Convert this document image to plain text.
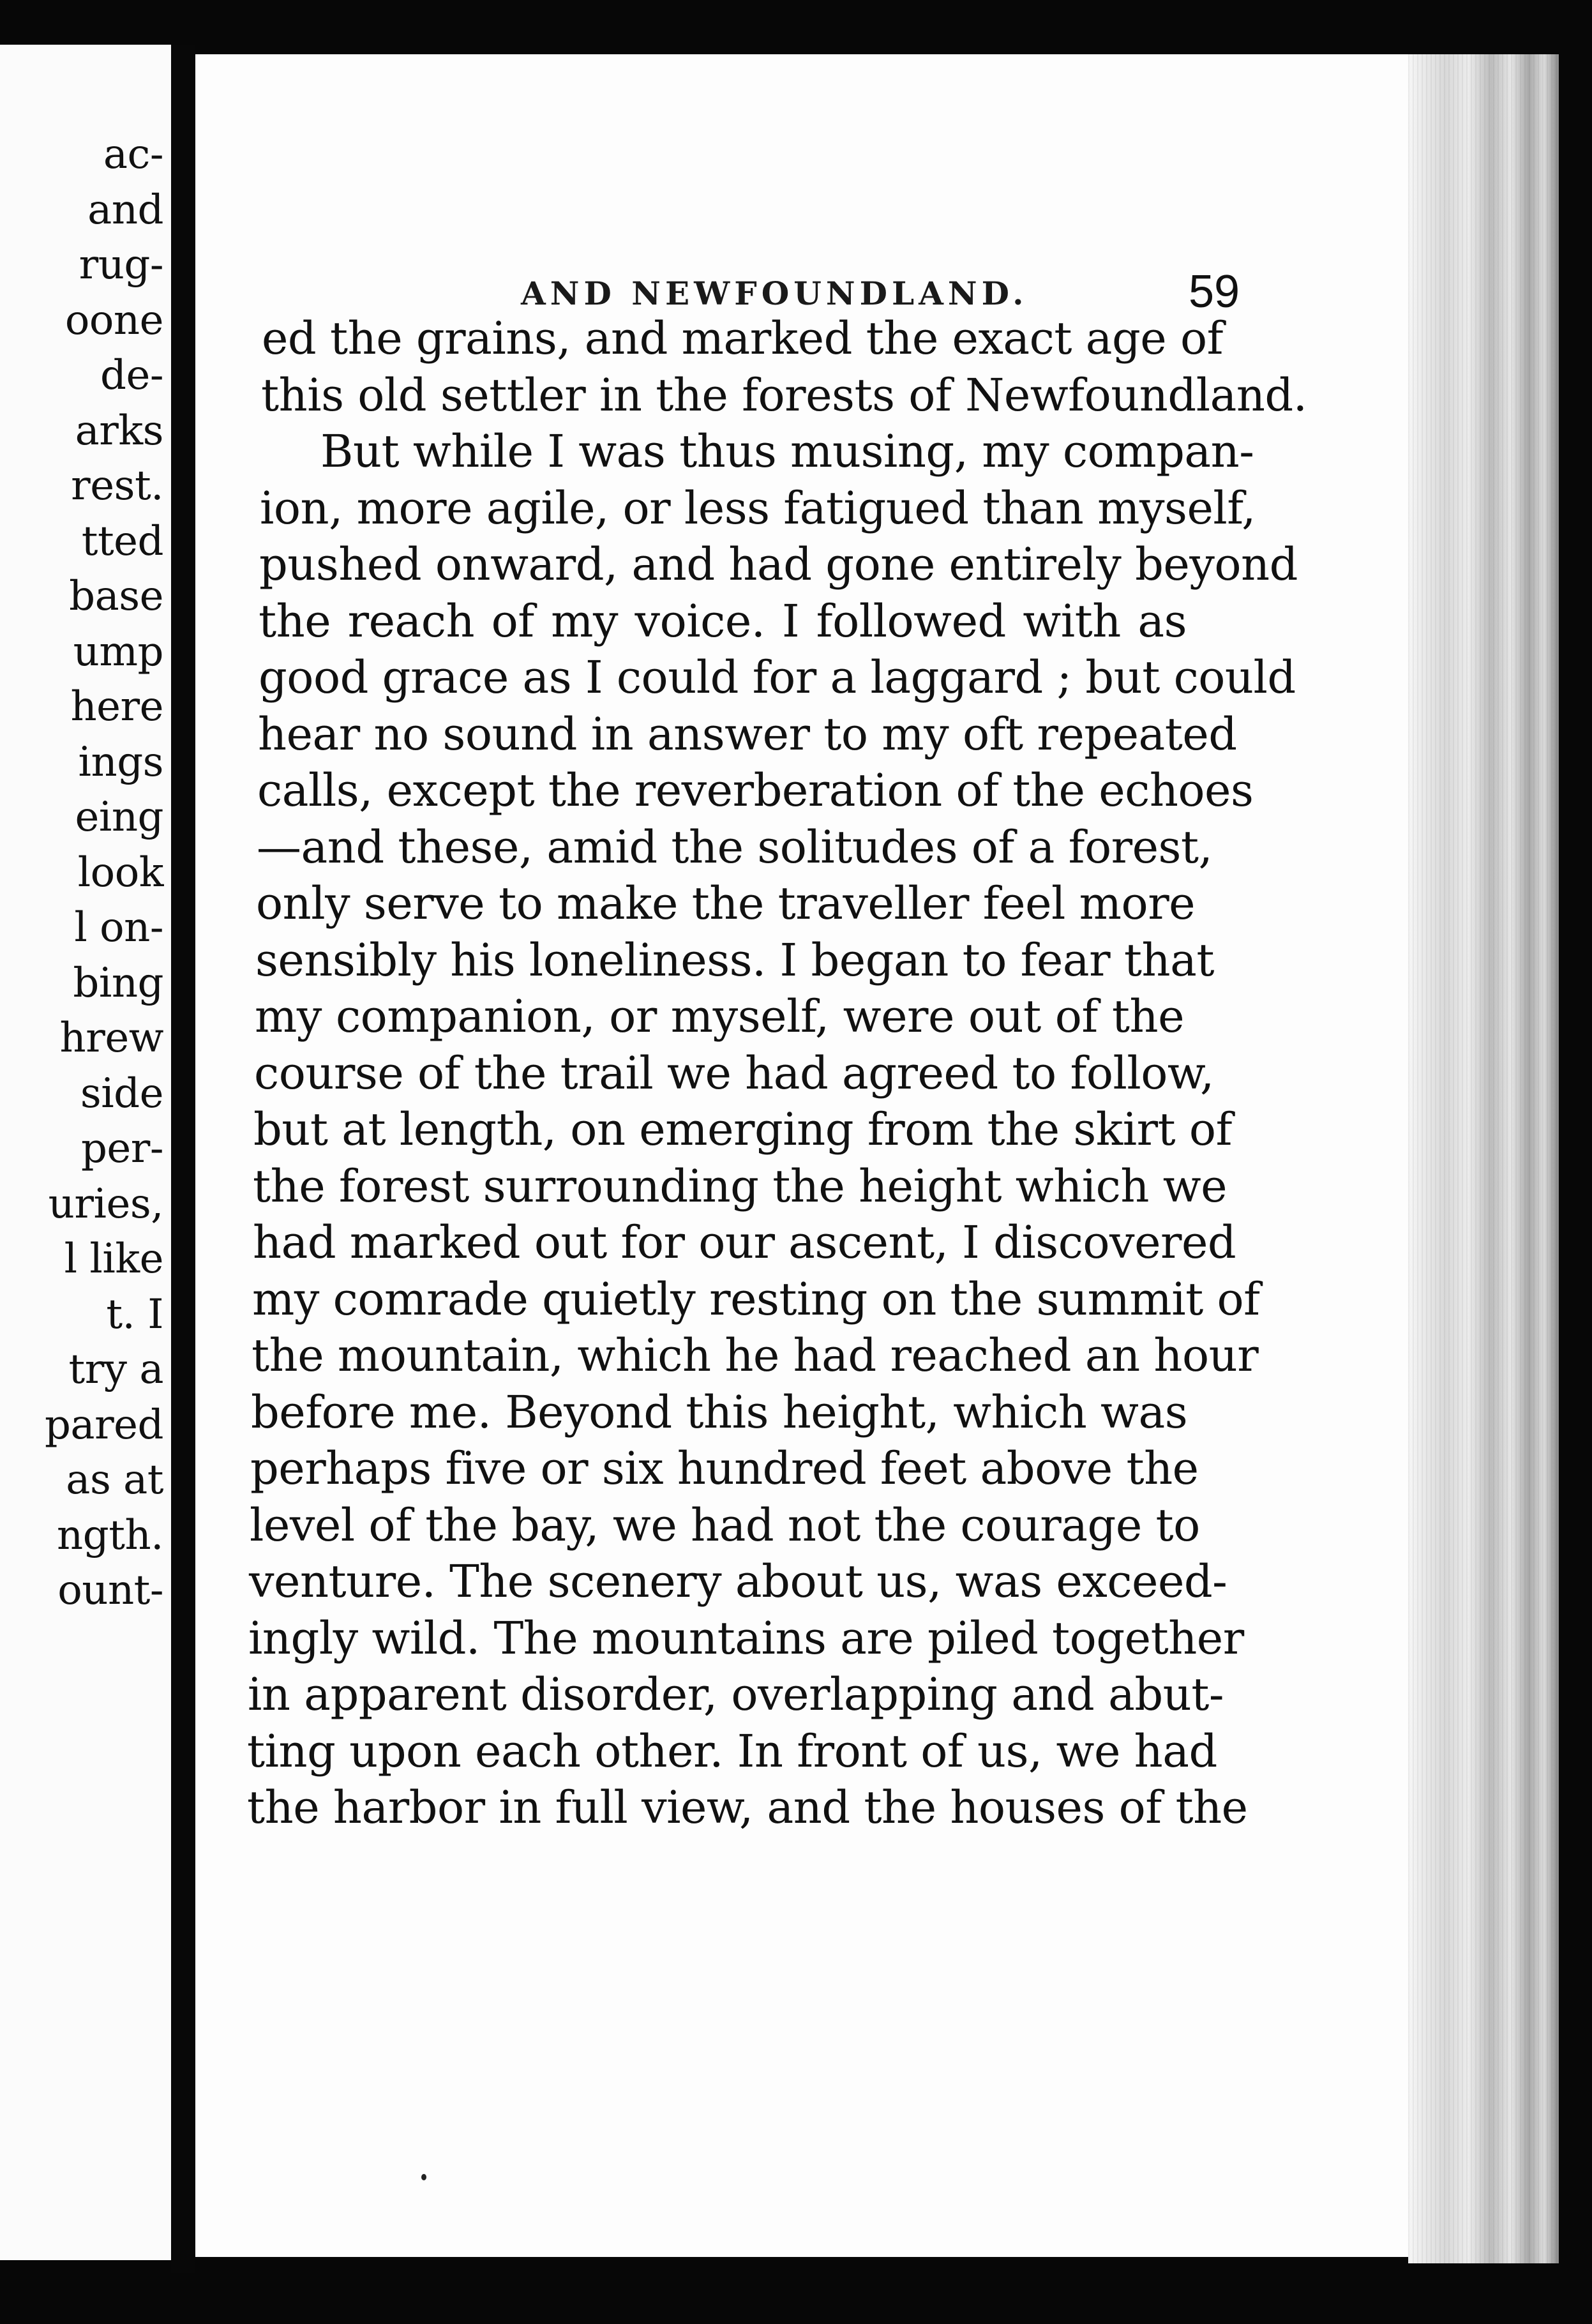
ac-
and
rug-
oone
de-
arks
rest.
tted
base
ump
here
ings
eing
look
l on-
bing
hrew
side
per-
uries,
l like
t. I
try a
pared
as at
ngth.
ount-
AND NEWFOUNDLAND.	59
ed the grains, and marked the exact age of
this old settler in the forests of Newfoundland.
But while I was thus musing, my compan-
ion, more agile, or less fatigued than myself,
pushed onward, and had gone entirely beyond
the reach of my voice. I followed with as
good grace as I could for a laggard ; but could
hear no sound in answer to my oft repeated
calls, except the reverberation of the echoes
—and these, amid the solitudes of a forest,
only serve to make the traveller feel more
sensibly his loneliness. I began to fear that
my companion, or myself, were out of the
course of the trail we had agreed to follow,
but at length, on emerging from the skirt of
the forest surrounding the height which we
had marked out for our ascent, I discovered
my comrade quietly resting on the summit of
the mountain, which he had reached an hour
before me. Beyond this height, which was
perhaps five or six hundred feet above the
level of the bay, we had not the courage to
venture. The scenery about us, was exceed-
ingly wild. The mountains are piled together
in apparent disorder, overlapping and abut-
ting upon each other. In front of us, we had
the harbor in full view, and the houses of the
